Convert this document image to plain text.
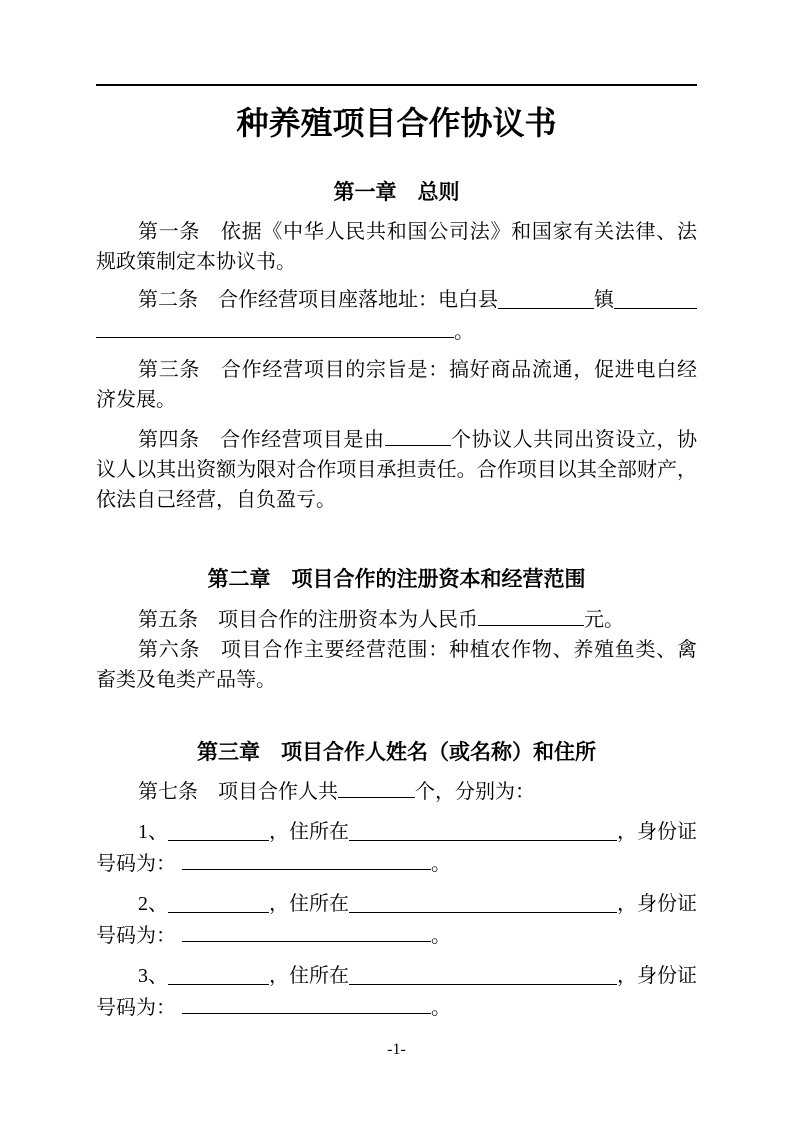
种养殖项目合作协议书
第一章　总则
第一条　依据《中华人民共和国公司法》和国家有关法律、法
规政策制定本协议书。
第二条　合作经营项目座落地址：电白县	镇
。
第三条　合作经营项目的宗旨是：搞好商品流通，促进电白经
济发展。
第四条　合作经营项目是由	个协议人共同出资设立，协
议人以其出资额为限对合作项目承担责任。合作项目以其全部财产，
依法自己经营，自负盈亏。
第二章　项目合作的注册资本和经营范围
第五条　项目合作的注册资本为人民币	元。
第六条　项目合作主要经营范围：种植农作物、养殖鱼类、禽
畜类及龟类产品等。
第三章　项目合作人姓名（或名称）和住所
第七条　项目合作人共	个，分别为：
1、	，住所在	，身份证
号码为：	。
2、	，住所在	，身份证
号码为：	。
3、	，住所在	，身份证
号码为：	。
-1-
